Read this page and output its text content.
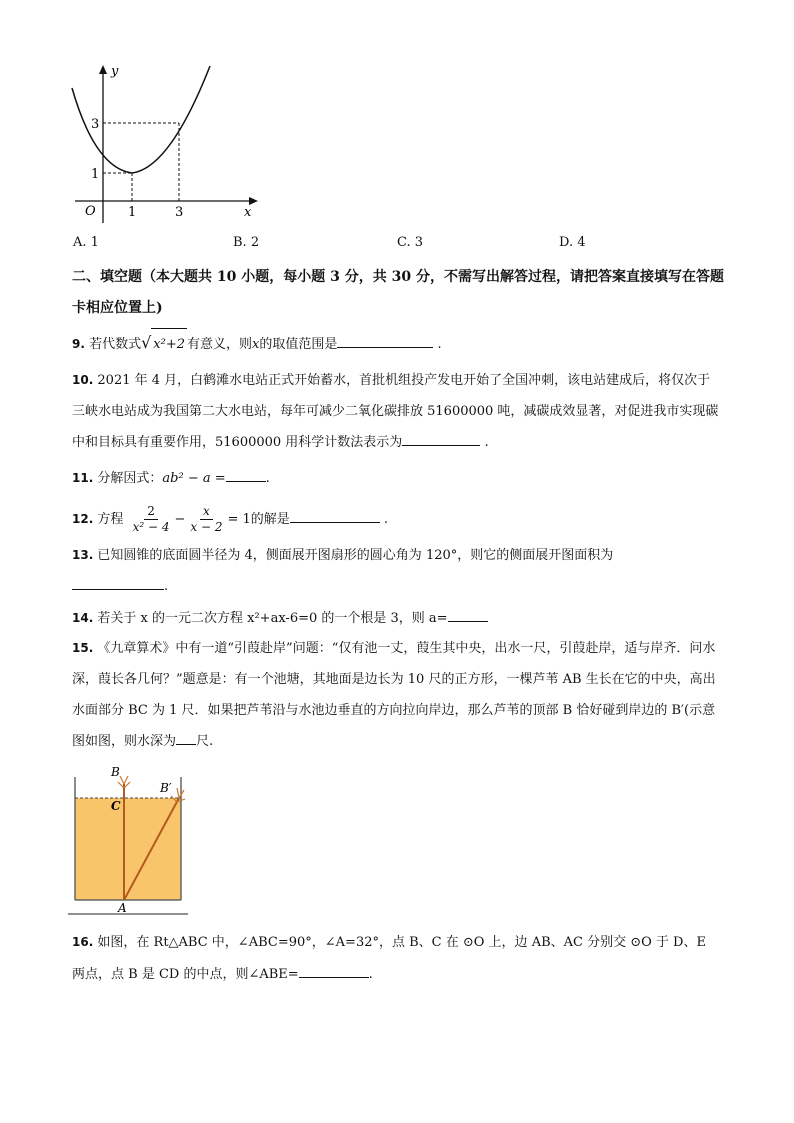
y
x
O
3
1
1	3
A. 1	B. 2	C. 3	D. 4
二、填空题（本大题共 10 小题，每小题 3 分，共 30 分，不需写出解答过程，请把答案直接填写在答题卡相应位置上)
9. 若代数式√ x²+2 有意义，则x的取值范围是	.
10. 2021 年 4 月，白鹤滩水电站正式开始蓄水，首批机组投产发电开始了全国冲刺，该电站建成后，将仅次于三峡水电站成为我国第二大水电站，每年可减少二氧化碳排放 51600000 吨，减碳成效显著，对促进我市实现碳中和目标具有重要作用，51600000 用科学计数法表示为	.
11. 分解因式：ab² − a =	.
12. 方程 $\frac{2}{\text{x² − 4}} - \frac{x}{x - 2} = 1$的解是	.
13. 已知圆锥的底面圆半径为 4，侧面展开图扇形的圆心角为 120°，则它的侧面展开图面积为
.
14. 若关于 x 的一元二次方程 x²+ax-6=0 的一个根是 3，则 a=
15. 《九章算术》中有一道“引葭赴岸”问题：“仅有池一丈，葭生其中央，出水一尺，引葭赴岸，适与岸齐．问水深，葭长各几何？”题意是：有一个池塘，其地面是边长为 10 尺的正方形，一棵芦苇 AB 生长在它的中央，高出水面部分 BC 为 1 尺．如果把芦苇沿与水池边垂直的方向拉向岸边，那么芦苇的顶部 B 恰好碰到岸边的 B′(示意图如图，则水深为 尺.
B
C
B′
A
16. 如图，在 Rt△ABC 中，∠ABC=90°，∠A=32°，点 B、C 在 ⊙O 上，边 AB、AC 分别交 ⊙O 于 D、E 两点，点 B 是 CD 的中点，则∠ABE=	.
